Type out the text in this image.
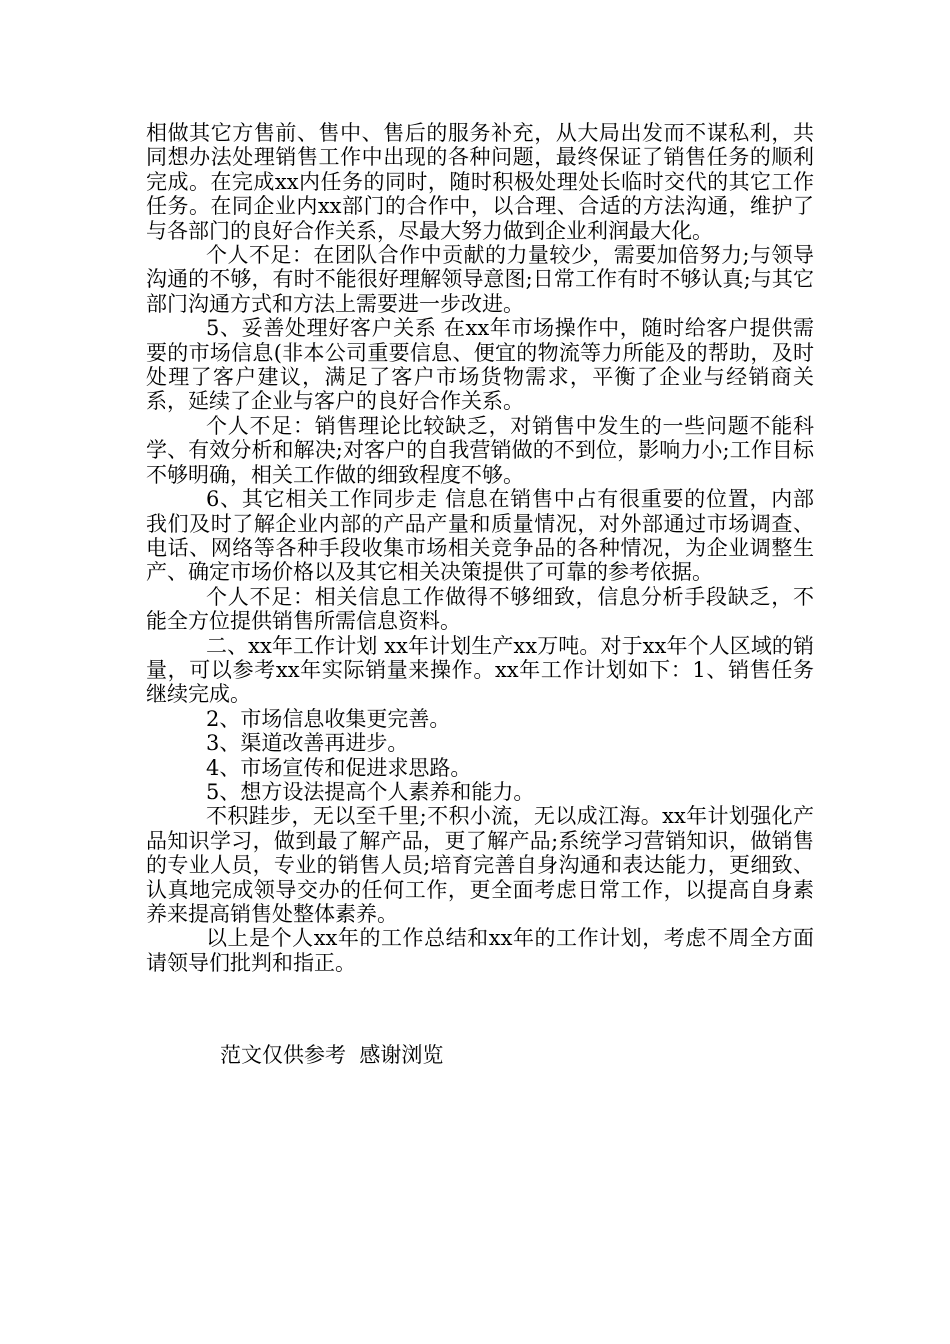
相做其它方售前、售中、售后的服务补充，从大局出发而不谋私利，共同想办法处理销售工作中出现的各种问题，最终保证了销售任务的顺利完成。在完成xx内任务的同时，随时积极处理处长临时交代的其它工作任务。在同企业内xx部门的合作中，以合理、合适的方法沟通，维护了与各部门的良好合作关系，尽最大努力做到企业利润最大化。

个人不足：在团队合作中贡献的力量较少，需要加倍努力;与领导沟通的不够，有时不能很好理解领导意图;日常工作有时不够认真;与其它部门沟通方式和方法上需要进一步改进。

5、妥善处理好客户关系 在xx年市场操作中，随时给客户提供需要的市场信息(非本公司重要信息、便宜的物流等力所能及的帮助，及时处理了客户建议，满足了客户市场货物需求，平衡了企业与经销商关系，延续了企业与客户的良好合作关系。

个人不足：销售理论比较缺乏，对销售中发生的一些问题不能科学、有效分析和解决;对客户的自我营销做的不到位，影响力小;工作目标不够明确，相关工作做的细致程度不够。

6、其它相关工作同步走 信息在销售中占有很重要的位置，内部我们及时了解企业内部的产品产量和质量情况，对外部通过市场调查、电话、网络等各种手段收集市场相关竞争品的各种情况，为企业调整生产、确定市场价格以及其它相关决策提供了可靠的参考依据。

个人不足：相关信息工作做得不够细致，信息分析手段缺乏，不能全方位提供销售所需信息资料。

二、xx年工作计划 xx年计划生产xx万吨。对于xx年个人区域的销量，可以参考xx年实际销量来操作。xx年工作计划如下：1、销售任务继续完成。

2、市场信息收集更完善。

3、渠道改善再进步。

4、市场宣传和促进求思路。

5、想方设法提高个人素养和能力。

不积跬步，无以至千里;不积小流，无以成江海。xx年计划强化产品知识学习，做到最了解产品，更了解产品;系统学习营销知识，做销售的专业人员，专业的销售人员;培育完善自身沟通和表达能力，更细致、认真地完成领导交办的任何工作，更全面考虑日常工作，以提高自身素养来提高销售处整体素养。

以上是个人xx年的工作总结和xx年的工作计划，考虑不周全方面请领导们批判和指正。

范文仅供参考  感谢浏览
